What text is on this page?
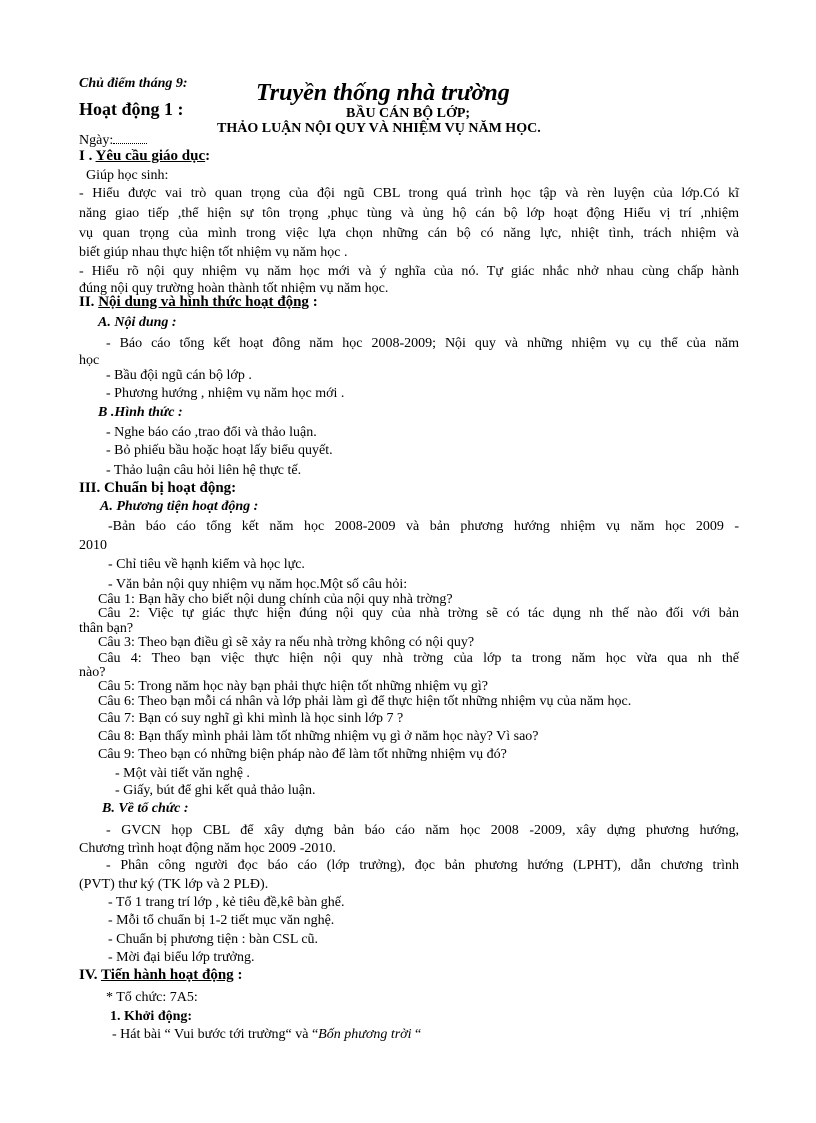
Chủ điểm tháng 9:	Truyền thống nhà trường
Hoạt động 1 :	BẦU CÁN BỘ LỚP;
THẢO LUẬN NỘI QUY VÀ NHIỆM VỤ NĂM HỌC.
Ngày:
I . Yêu cầu giáo dục:
Giúp học sinh:
- Hiểu được vai trò quan trọng của đội ngũ CBL trong quá trình học tập và rèn luyện của lớp.Có kĩ
năng giao tiếp ,thể hiện sự tôn trọng ,phục tùng và ủng hộ cán bộ lớp hoạt động Hiểu vị trí ,nhiệm
vụ quan trọng của mình trong việc lựa chọn những cán bộ có năng lực, nhiệt tình, trách nhiệm và
biết giúp nhau thực hiện tốt nhiệm vụ năm học .
- Hiểu rõ nội quy nhiệm vụ năm học mới và ý nghĩa của nó. Tự giác nhắc nhở nhau cùng chấp hành
đúng nội quy trường hoàn thành tốt nhiệm vụ năm học.
II. Nội dung và hình thức hoạt động :
A. Nội dung :
- Báo cáo tổng kết hoạt đông năm học 2008-2009; Nội quy và những nhiệm vụ cụ thể của năm
học
- Bầu đội ngũ cán bộ lớp .
- Phương hướng , nhiệm vụ năm học mới .
B .Hình thức :
- Nghe báo cáo ,trao đổi và thảo luận.
- Bỏ phiếu bầu hoặc hoạt lấy biểu quyết.
- Thảo luận câu hỏi liên hệ thực tế.
III. Chuẩn bị hoạt động:
A. Phương tiện hoạt động :
-Bản báo cáo tổng kết năm học 2008-2009 và bản phương hướng nhiệm vụ năm học 2009 -
2010
- Chỉ tiêu về hạnh kiểm và học lực.
- Văn bản nội quy nhiệm vụ năm học.Một số câu hỏi:
Câu 1: Bạn hãy cho biết nội dung chính của nội quy nhà trờng?
Câu 2: Việc tự giác thực hiện đúng nội quy của nhà trờng sẽ có tác dụng nh thế nào đối với bản
thân bạn?
Câu 3: Theo bạn điều gì sẽ xảy ra nếu nhà trờng không có nội quy?
Câu 4: Theo bạn việc thực hiện nội quy nhà trờng của lớp ta trong năm học vừa qua nh thế
nào?
Câu 5: Trong năm học này bạn phải thực hiện tốt những nhiệm vụ gì?
Câu 6: Theo bạn mỗi cá nhân và lớp phải làm gì để thực hiện tốt những nhiệm vụ của năm học.
Câu 7: Bạn có suy nghĩ gì khi mình là học sinh lớp 7 ?
Câu 8: Bạn thấy mình phải làm tốt những nhiệm vụ gì ở năm học này? Vì sao?
Câu 9: Theo bạn có những biện pháp nào để làm tốt những nhiệm vụ đó?
- Một vài tiết văn nghệ .
- Giấy, bút để ghi kết quả thảo luận.
B. Về tổ chức :
- GVCN họp CBL để xây dựng bản báo cáo năm học 2008 -2009, xây dựng phương hướng,
Chương trình hoạt động năm học 2009 -2010.
- Phân công người đọc báo cáo (lớp trưởng), đọc bản phương hướng (LPHT), dẫn chương trình
(PVT) thư ký (TK lớp và 2 PLĐ).
- Tổ 1 trang trí lớp , kẻ tiêu đề,kê bàn ghế.
- Mỗi tổ chuẩn bị 1-2 tiết mục văn nghệ.
- Chuẩn bị phương tiện : bàn CSL cũ.
- Mời đại biểu lớp trưởng.
IV. Tiến hành hoạt động :
* Tổ chức: 7A5:
1. Khởi động:
- Hát bài “ Vui bước tới trường“ và “Bốn phương trời “
